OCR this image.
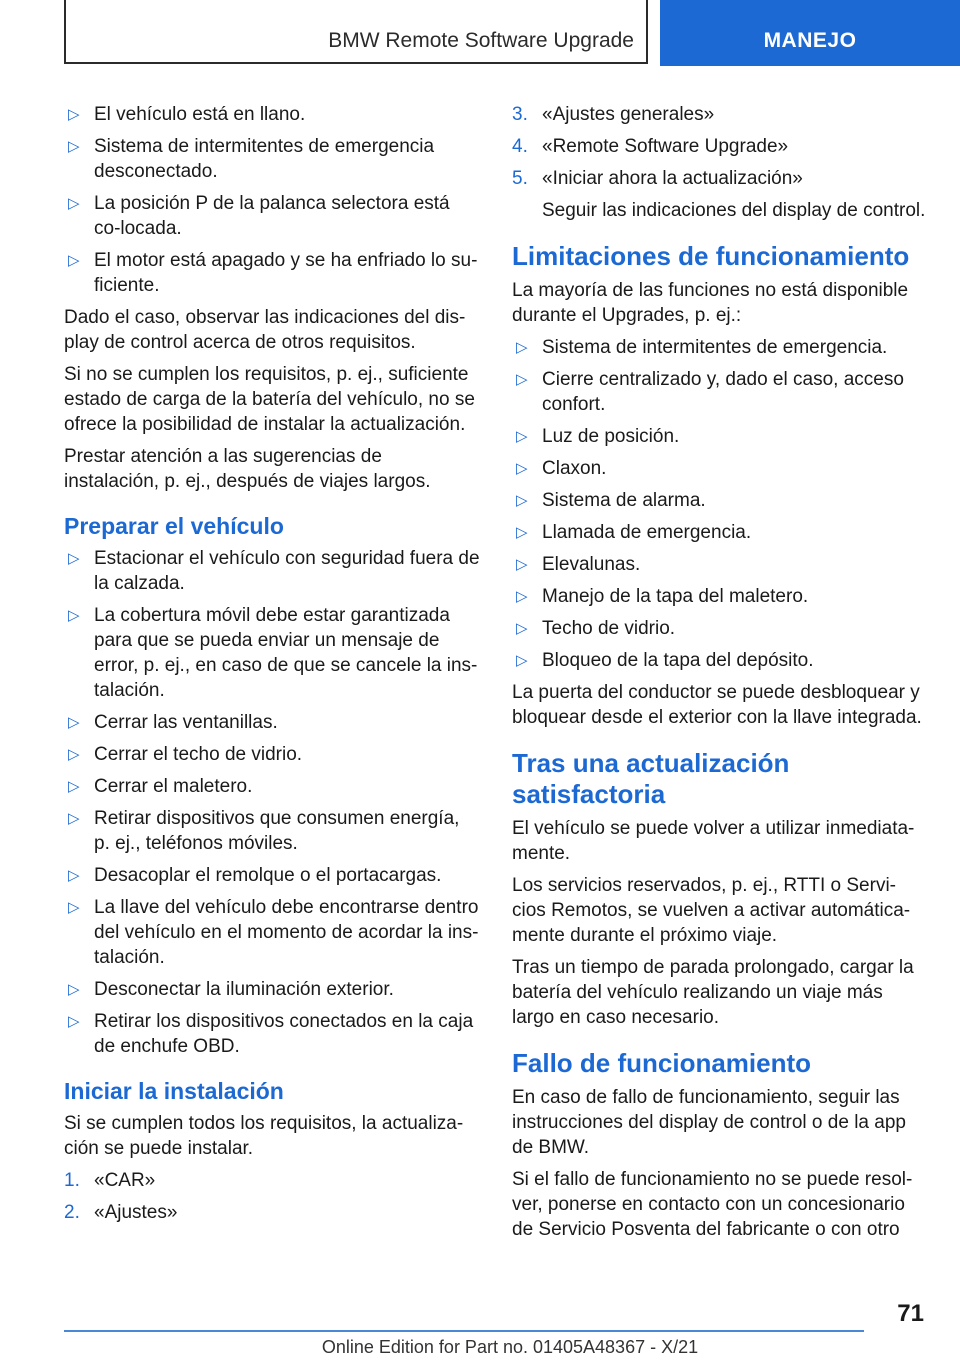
BMW Remote Software Upgrade	MANEJO
▷ El vehículo está en llano.
▷ Sistema de intermitentes de emergencia desconectado.
▷ La posición P de la palanca selectora está co-locada.
▷ El motor está apagado y se ha enfriado lo su-ficiente.

Dado el caso, observar las indicaciones del dis-play de control acerca de otros requisitos.

Si no se cumplen los requisitos, p. ej., suficiente estado de carga de la batería del vehículo, no se ofrece la posibilidad de instalar la actualización.

Prestar atención a las sugerencias de instalación, p. ej., después de viajes largos.

Preparar el vehículo
▷ Estacionar el vehículo con seguridad fuera de la calzada.
▷ La cobertura móvil debe estar garantizada para que se pueda enviar un mensaje de error, p. ej., en caso de que se cancele la ins-talación.
▷ Cerrar las ventanillas.
▷ Cerrar el techo de vidrio.
▷ Cerrar el maletero.
▷ Retirar dispositivos que consumen energía, p. ej., teléfonos móviles.
▷ Desacoplar el remolque o el portacargas.
▷ La llave del vehículo debe encontrarse dentro del vehículo en el momento de acordar la ins-talación.
▷ Desconectar la iluminación exterior.
▷ Retirar los dispositivos conectados en la caja de enchufe OBD.
Iniciar la instalación

Si se cumplen todos los requisitos, la actualiza-ción se puede instalar.

1. «CAR»
2. «Ajustes»
3. «Ajustes generales»
4. «Remote Software Upgrade»
5. «Iniciar ahora la actualización»

Seguir las indicaciones del display de control.

Limitaciones de funcionamiento

La mayoría de las funciones no está disponible durante el Upgrades, p. ej.:

▷ Sistema de intermitentes de emergencia.
▷ Cierre centralizado y, dado el caso, acceso confort.
▷ Luz de posición.
▷ Claxon.
▷ Sistema de alarma.
▷ Llamada de emergencia.
▷ Elevalunas.
▷ Manejo de la tapa del maletero.
▷ Techo de vidrio.
▷ Bloqueo de la tapa del depósito.

La puerta del conductor se puede desbloquear y bloquear desde el exterior con la llave integrada.

Tras una actualización satisfactoria

El vehículo se puede volver a utilizar inmediata-mente.

Los servicios reservados, p. ej., RTTI o Servi-cios Remotos, se vuelven a activar automática-mente durante el próximo viaje.

Tras un tiempo de parada prolongado, cargar la batería del vehículo realizando un viaje más largo en caso necesario.

Fallo de funcionamiento

En caso de fallo de funcionamiento, seguir las instrucciones del display de control o de la app de BMW.

Si el fallo de funcionamiento no se puede resol-ver, ponerse en contacto con un concesionario de Servicio Posventa del fabricante o con otro

71
Online Edition for Part no. 01405A48367 - X/21
